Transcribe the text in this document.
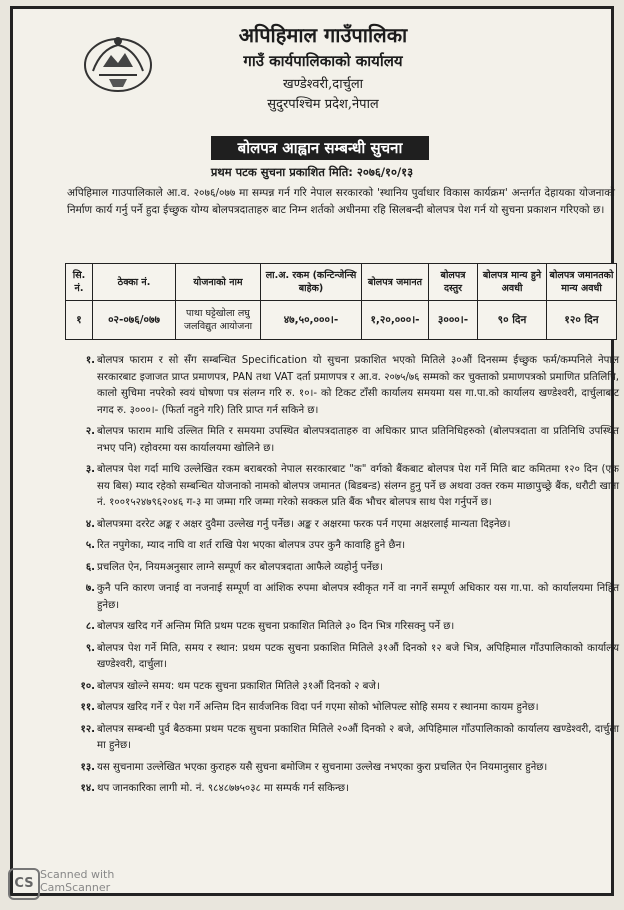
अपिहिमाल गाउँपालिका
गाउँ कार्यपालिकाको कार्यालय
खण्डेश्वरी,दार्चुला
सुदुरपश्चिम प्रदेश,नेपाल
बोलपत्र आह्वान सम्बन्धी सुचना
प्रथम पटक सुचना प्रकाशित मिति: २०७६/१०/१३
अपिहिमाल गाउपालिकाले आ.व. २०७६/०७७ मा सम्पन्न गर्न गरि नेपाल सरकारको 'स्थानिय पुर्वाधार विकास कार्यक्रम' अन्तर्गत देहायका योजनाको निर्माण कार्य गर्नु पर्ने हुदा ईच्छुक योग्य बोलपत्रदाताहरु बाट निम्न शर्तको अधीनमा रहि सिलबन्दी बोलपत्र पेश गर्न यो सुचना प्रकाशन गरिएको छ।
सि. नं.	ठेक्का नं.	योजनाको नाम	ला.अ. रकम (कन्टिन्जेन्सि बाहेक)	बोलपत्र जमानत	बोलपत्र दस्तुर	बोलपत्र मान्य हुने अवधी	बोलपत्र जमानतको मान्य अवधी
१	०२-०७६/०७७	पाथा घट्टेखोला लघु जलविद्युत आयोजना	४७,५०,०००।-	१,२०,०००।-	३०००।-	९० दिन	१२० दिन
१. बोलपत्र फाराम र सो सँग सम्बन्धित Specification यो सुचना प्रकाशित भएको मितिले ३०औं दिनसम्म ईच्छुक फर्म/कम्पनिले नेपाल सरकारबाट इजाजत प्राप्त प्रमाणपत्र, PAN तथा VAT दर्ता प्रमाणपत्र र आ.व. २०७५/७६ सम्मको कर चुक्ताको प्रमाणपत्रको प्रमाणित प्रतिलिपि, कालो सुचिमा नपरेको स्वयं घोषणा पत्र संलग्न गरि रु. १०।- को टिकट टाँसी कार्यालय समयमा यस गा.पा.को कार्यालय खण्डेश्वरी, दार्चुलाबाट नगद रु. ३०००।- (फिर्ता नहुने गरि) तिरि प्राप्त गर्न सकिने छ।
२. बोलपत्र फाराम माथि उल्लित मिति र समयमा उपस्थित बोलपत्रदाताहरु वा अधिकार प्राप्त प्रतिनिधिहरुको (बोलपत्रदाता वा प्रतिनिधि उपस्थित नभए पनि) रहोवरमा यस कार्यालयमा खोलिने छ।
३. बोलपत्र पेश गर्दा माथि उल्लेखित रकम बराबरको नेपाल सरकारबाट "क" वर्गको बैंकबाट बोलपत्र पेश गर्ने मिति बाट कमितमा १२० दिन (एक सय बिस) म्याद रहेको सम्बन्धित योजनाको नामको बोलपत्र जमानत (बिडबन्ड) संलग्न हुनु पर्ने छ अथवा उक्त रकम माछापुच्छ्रे बैंक, धरौटी खाता नं. १००१५२४७९६२०४६ ग-३ मा जम्मा गरि जम्मा गरेको सक्कल प्रति बैंक भौचर बोलपत्र साथ पेश गर्नुपर्ने छ।
४. बोलपत्रमा दररेट अङ्क र अक्षर दुवैमा उल्लेख गर्नु पर्नेछ। अङ्क र अक्षरमा फरक पर्न गएमा अक्षरलाई मान्यता दिइनेछ।
५. रित नपुगेका, म्याद नाघि वा शर्त राखि पेश भएका बोलपत्र उपर कुनै कावाहि हुने छैन।
६. प्रचलित ऐन, नियमअनुसार लाग्ने सम्पूर्ण कर बोलपत्रदाता आफैले व्यहोर्नु पर्नेछ।
७. कुनै पनि कारण जनाई वा नजनाई सम्पूर्ण वा आंशिक रुपमा बोलपत्र स्वीकृत गर्ने वा नगर्ने सम्पूर्ण अधिकार यस गा.पा. को कार्यालयमा निहित हुनेछ।
८. बोलपत्र खरिद गर्ने अन्तिम मिति प्रथम पटक सुचना प्रकाशित मितिले ३० दिन भित्र गरिसक्नु पर्ने छ।
९. बोलपत्र पेश गर्ने मिति, समय र स्थान: प्रथम पटक सुचना प्रकाशित मितिले ३१औं दिनको १२ बजे भित्र, अपिहिमाल गाँउपालिकाको कार्यालय खण्डेश्वरी, दार्चुला।
१०. बोलपत्र खोल्ने समय: थम पटक सुचना प्रकाशित मितिले ३१औं दिनको २ बजे।
११. बोलपत्र खरिद गर्ने र पेश गर्ने अन्तिम दिन सार्वजनिक विदा पर्न गएमा सोको भोलिपल्ट सोहि समय र स्थानमा कायम हुनेछ।
१२. बोलपत्र सम्बन्धी पुर्व बैठकमा प्रथम पटक सुचना प्रकाशित मितिले २०औं दिनको २ बजे, अपिहिमाल गाँउपालिकाको कार्यालय खण्डेश्वरी, दार्चुला मा हुनेछ।
१३. यस सुचनामा उल्लेखित भएका कुराहरु यसै सुचना बमोजिम र सुचनामा उल्लेख नभएका कुरा प्रचलित ऐन नियमानुसार हुनेछ।
१४. थप जानकारिका लागी मो. नं. ९८४८७७५०३८ मा सम्पर्क गर्न सकिन्छ।
CS
Scanned with
CamScanner
